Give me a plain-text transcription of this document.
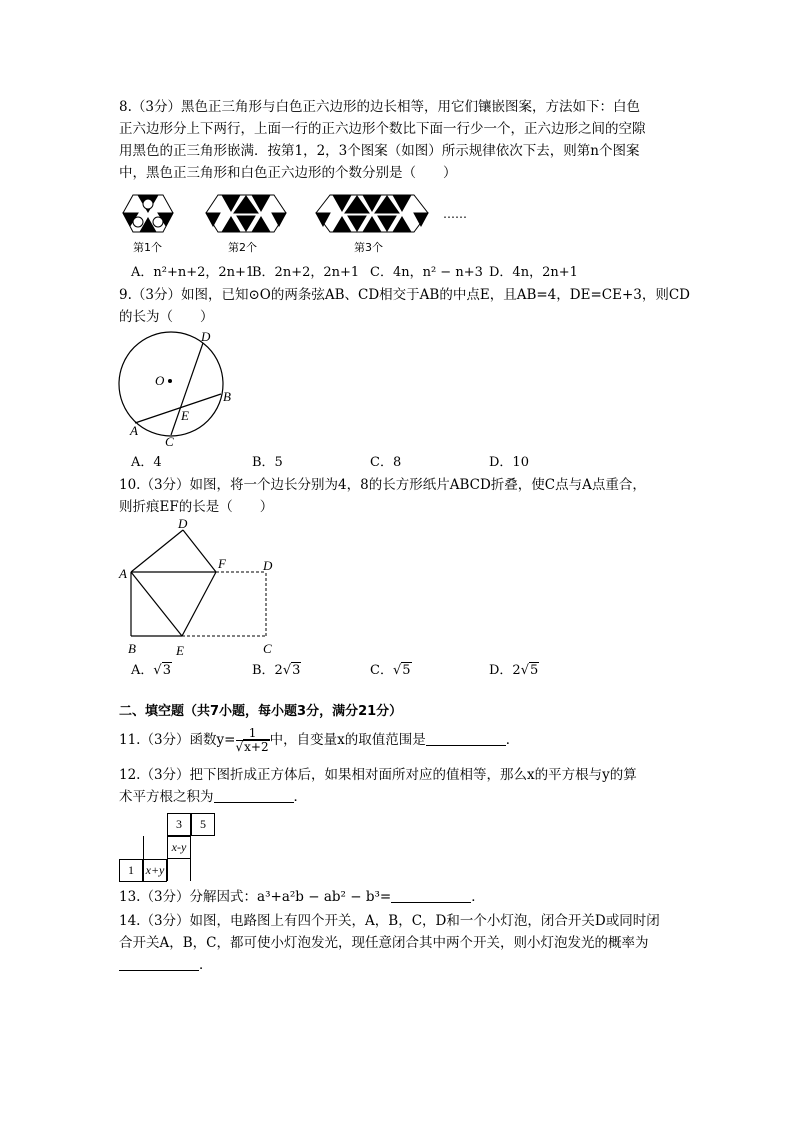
8.（3分）黑色正三角形与白色正六边形的边长相等，用它们镶嵌图案，方法如下：白色
正六边形分上下两行，上面一行的正六边形个数比下面一行少一个，正六边形之间的空隙
用黑色的正三角形嵌满．按第1，2，3个图案（如图）所示规律依次下去，则第n个图案
中，黑色正三角形和白色正六边形的个数分别是（　　）
第1个	第2个	第3个
……
A．n²+n+2，2n+1
B．2n+2，2n+1 C．4n，n² − n+3 D．4n，2n+1
9.（3分）如图，已知⊙O的两条弦AB、CD相交于AB的中点E，且AB=4，DE=CE+3，则CD
的长为（　　）
D
O
B
E
A
C
A．4	B．5	C．8	D．10
10.（3分）如图，将一个边长分别为4，8的长方形纸片ABCD折叠，使C点与A点重合，
则折痕EF的长是（　　）
D
A
F	D
B	E	C
A．√3	B．2√3	C．√5	D．2√5
二、填空题（共7小题，每小题3分，满分21分）
11.（3分）函数$y= \frac{1}{√x+2}$ 中，自变量x的取值范围是	．
12.（3分）把下图折成正方体后，如果相对面所对应的值相等，那么x的平方根与y的算
术平方根之积为	．
3	5
x-y
1 x+y
13.（3分）分解因式：a³+a²b − ab² − b³=	．
14.（3分）如图，电路图上有四个开关，A，B，C，D和一个小灯泡，闭合开关D或同时闭
合开关A，B，C，都可使小灯泡发光，现任意闭合其中两个开关，则小灯泡发光的概率为
．
